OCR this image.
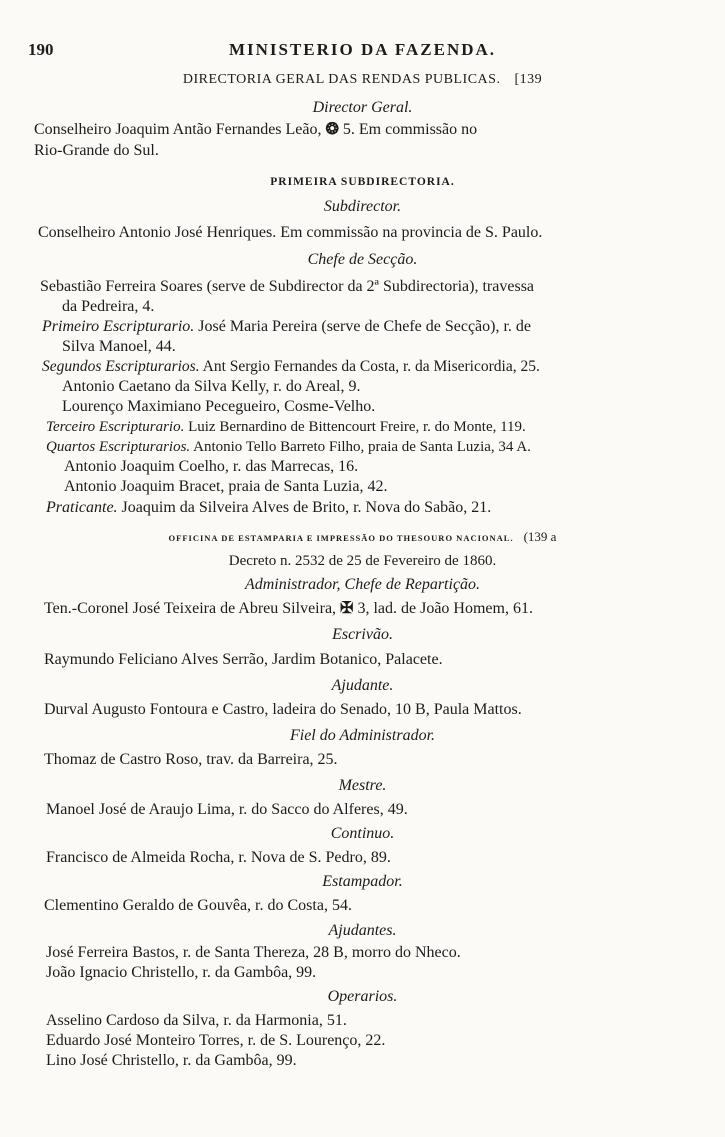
190	MINISTERIO DA FAZENDA.
DIRECTORIA GERAL DAS RENDAS PUBLICAS. [139
Director Geral.
Conselheiro Joaquim Antão Fernandes Leão, ❂ 5. Em commissão no
Rio-Grande do Sul.
PRIMEIRA SUBDIRECTORIA.
Subdirector.
Conselheiro Antonio José Henriques. Em commissão na provincia de S. Paulo.
Chefe de Secção.
Sebastião Ferreira Soares (serve de Subdirector da 2ª Subdirectoria), travessa
da Pedreira, 4.
Primeiro Escripturario. José Maria Pereira (serve de Chefe de Secção), r. de
Silva Manoel, 44.
Segundos Escripturarios. Ant Sergio Fernandes da Costa, r. da Misericordia, 25.
Antonio Caetano da Silva Kelly, r. do Areal, 9.
Lourenço Maximiano Pecegueiro, Cosme-Velho.
Terceiro Escripturario. Luiz Bernardino de Bittencourt Freire, r. do Monte, 119.
Quartos Escripturarios. Antonio Tello Barreto Filho, praia de Santa Luzia, 34 A.
Antonio Joaquim Coelho, r. das Marrecas, 16.
Antonio Joaquim Bracet, praia de Santa Luzia, 42.
Praticante. Joaquim da Silveira Alves de Brito, r. Nova do Sabão, 21.
OFFICINA DE ESTAMPARIA E IMPRESSÃO DO THESOURO NACIONAL. (139 a
Decreto n. 2532 de 25 de Fevereiro de 1860.
Administrador, Chefe de Repartição.
Ten.-Coronel José Teixeira de Abreu Silveira, ✠ 3, lad. de João Homem, 61.
Escrivão.
Raymundo Feliciano Alves Serrão, Jardim Botanico, Palacete.
Ajudante.
Durval Augusto Fontoura e Castro, ladeira do Senado, 10 B, Paula Mattos.
Fiel do Administrador.
Thomaz de Castro Roso, trav. da Barreira, 25.
Mestre.
Manoel José de Araujo Lima, r. do Sacco do Alferes, 49.
Continuo.
Francisco de Almeida Rocha, r. Nova de S. Pedro, 89.
Estampador.
Clementino Geraldo de Gouvêa, r. do Costa, 54.
Ajudantes.
José Ferreira Bastos, r. de Santa Thereza, 28 B, morro do Nheco.
João Ignacio Christello, r. da Gambôa, 99.
Operarios.
Asselino Cardoso da Silva, r. da Harmonia, 51.
Eduardo José Monteiro Torres, r. de S. Lourenço, 22.
Lino José Christello, r. da Gambôa, 99.
